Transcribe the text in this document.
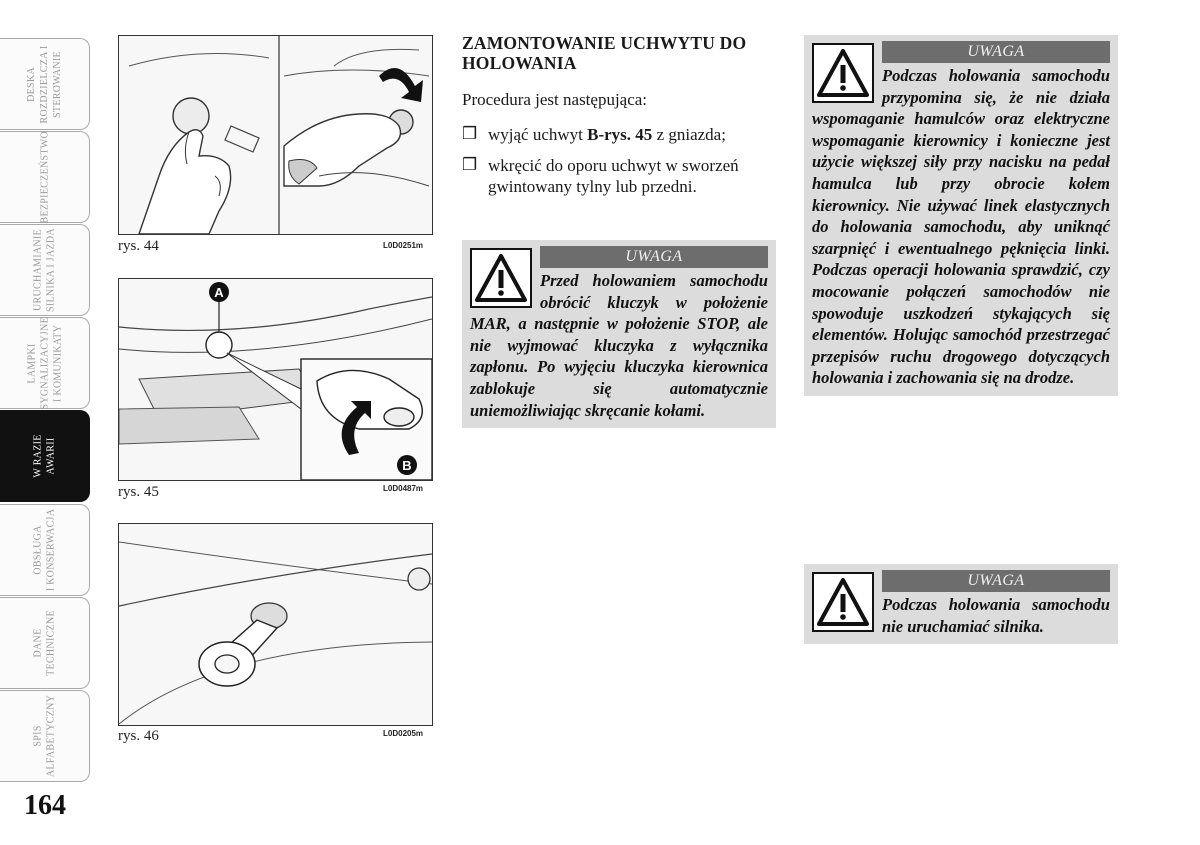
DESKA
ROZDZIELCZA I
STEROWANIE
BEZPIECZEŃSTWO
URUCHAMIANIE
SILNIKA I JAZDA
LAMPKI
SYGNALIZACYJNE
I KOMUNIKATY
W RAZIE
AWARII
OBSŁUGA
I KONSERWACJA
DANE
TECHNICZNE
SPIS
ALFABETYCZNY
164
rys. 44	L0D0251m
A
B
rys. 45	L0D0487m
rys. 46	L0D0205m
ZAMONTOWANIE UCHWYTU DO HOLOWANIA
Procedura jest następująca:
❒ wyjąć uchwyt B-rys. 45 z gniazda;
❒ wkręcić do oporu uchwyt w sworzeń gwintowany tylny lub przedni.
UWAGA
Przed holowaniem samochodu obrócić kluczyk w położenie MAR, a następnie w położenie STOP, ale nie wyjmować kluczyka z wyłącznika zapłonu. Po wyjęciu kluczyka kierownica zablokuje się automatycznie uniemożliwiając skręcanie kołami.
UWAGA
Podczas holowania samochodu przypomina się, że nie działa wspomaganie hamulców oraz elektryczne wspomaganie kierownicy i konieczne jest użycie większej siły przy nacisku na pedał hamulca lub przy obrocie kołem kierownicy. Nie używać linek elastycznych do holowania samochodu, aby uniknąć szarpnięć i ewentualnego pęknięcia linki. Podczas operacji holowania sprawdzić, czy mocowanie połączeń samochodów nie spowoduje uszkodzeń stykających się elementów. Holując samochód przestrzegać przepisów ruchu drogowego dotyczących holowania i zachowania się na drodze.
UWAGA
Podczas holowania samochodu nie uruchamiać silnika.
